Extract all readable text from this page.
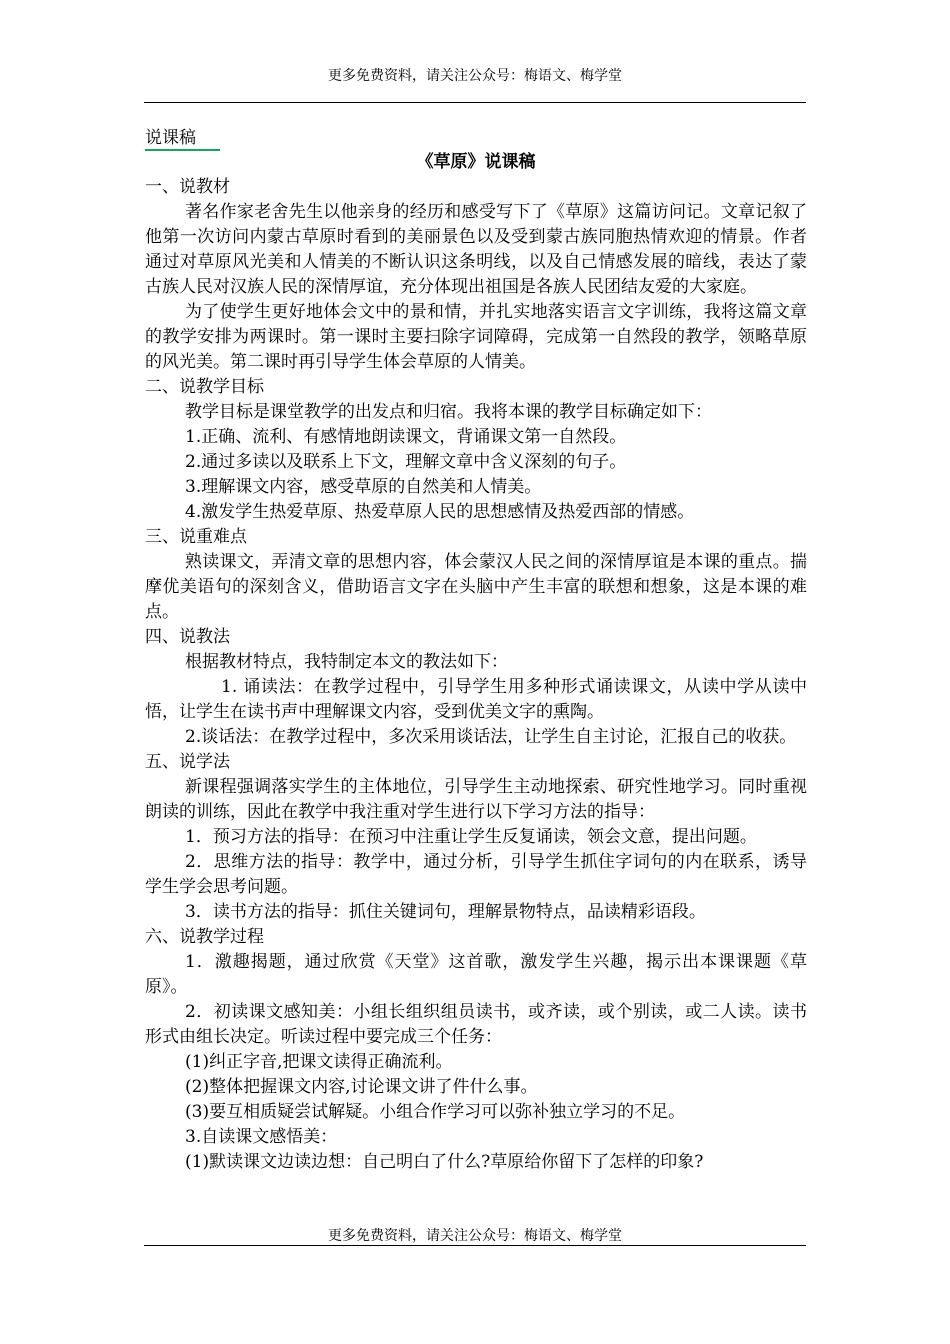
更多免费资料，请关注公众号：梅语文、梅学堂
说课稿

《草原》说课稿

一、说教材

著名作家老舍先生以他亲身的经历和感受写下了《草原》这篇访问记。文章记叙了他第一次访问内蒙古草原时看到的美丽景色以及受到蒙古族同胞热情欢迎的情景。作者通过对草原风光美和人情美的不断认识这条明线，以及自己情感发展的暗线，表达了蒙古族人民对汉族人民的深情厚谊，充分体现出祖国是各族人民团结友爱的大家庭。

为了使学生更好地体会文中的景和情，并扎实地落实语言文字训练，我将这篇文章的教学安排为两课时。第一课时主要扫除字词障碍，完成第一自然段的教学，领略草原的风光美。第二课时再引导学生体会草原的人情美。

二、说教学目标

教学目标是课堂教学的出发点和归宿。我将本课的教学目标确定如下：

1.正确、流利、有感情地朗读课文，背诵课文第一自然段。

2.通过多读以及联系上下文，理解文章中含义深刻的句子。

3.理解课文内容，感受草原的自然美和人情美。

4.激发学生热爱草原、热爱草原人民的思想感情及热爱西部的情感。

三、说重难点

熟读课文，弄清文章的思想内容，体会蒙汉人民之间的深情厚谊是本课的重点。揣摩优美语句的深刻含义，借助语言文字在头脑中产生丰富的联想和想象，这是本课的难点。

四、说教法

根据教材特点，我特制定本文的教法如下：

1. 诵读法：在教学过程中，引导学生用多种形式诵读课文，从读中学从读中悟，让学生在读书声中理解课文内容，受到优美文字的熏陶。

2.谈话法：在教学过程中，多次采用谈话法，让学生自主讨论，汇报自己的收获。

五、说学法

新课程强调落实学生的主体地位，引导学生主动地探索、研究性地学习。同时重视朗读的训练，因此在教学中我注重对学生进行以下学习方法的指导：

1．预习方法的指导：在预习中注重让学生反复诵读，领会文意，提出问题。

2．思维方法的指导：教学中，通过分析，引导学生抓住字词句的内在联系，诱导学生学会思考问题。

3．读书方法的指导：抓住关键词句，理解景物特点，品读精彩语段。

六、说教学过程

1．激趣揭题，通过欣赏《天堂》这首歌，激发学生兴趣，揭示出本课课题《草原》。

2．初读课文感知美：小组长组织组员读书，或齐读，或个别读，或二人读。读书形式由组长决定。听读过程中要完成三个任务：

(1)纠正字音,把课文读得正确流利。

(2)整体把握课文内容,讨论课文讲了件什么事。

(3)要互相质疑尝试解疑。小组合作学习可以弥补独立学习的不足。

3.自读课文感悟美：

(1)默读课文边读边想：自己明白了什么?草原给你留下了怎样的印象?

更多免费资料，请关注公众号：梅语文、梅学堂
